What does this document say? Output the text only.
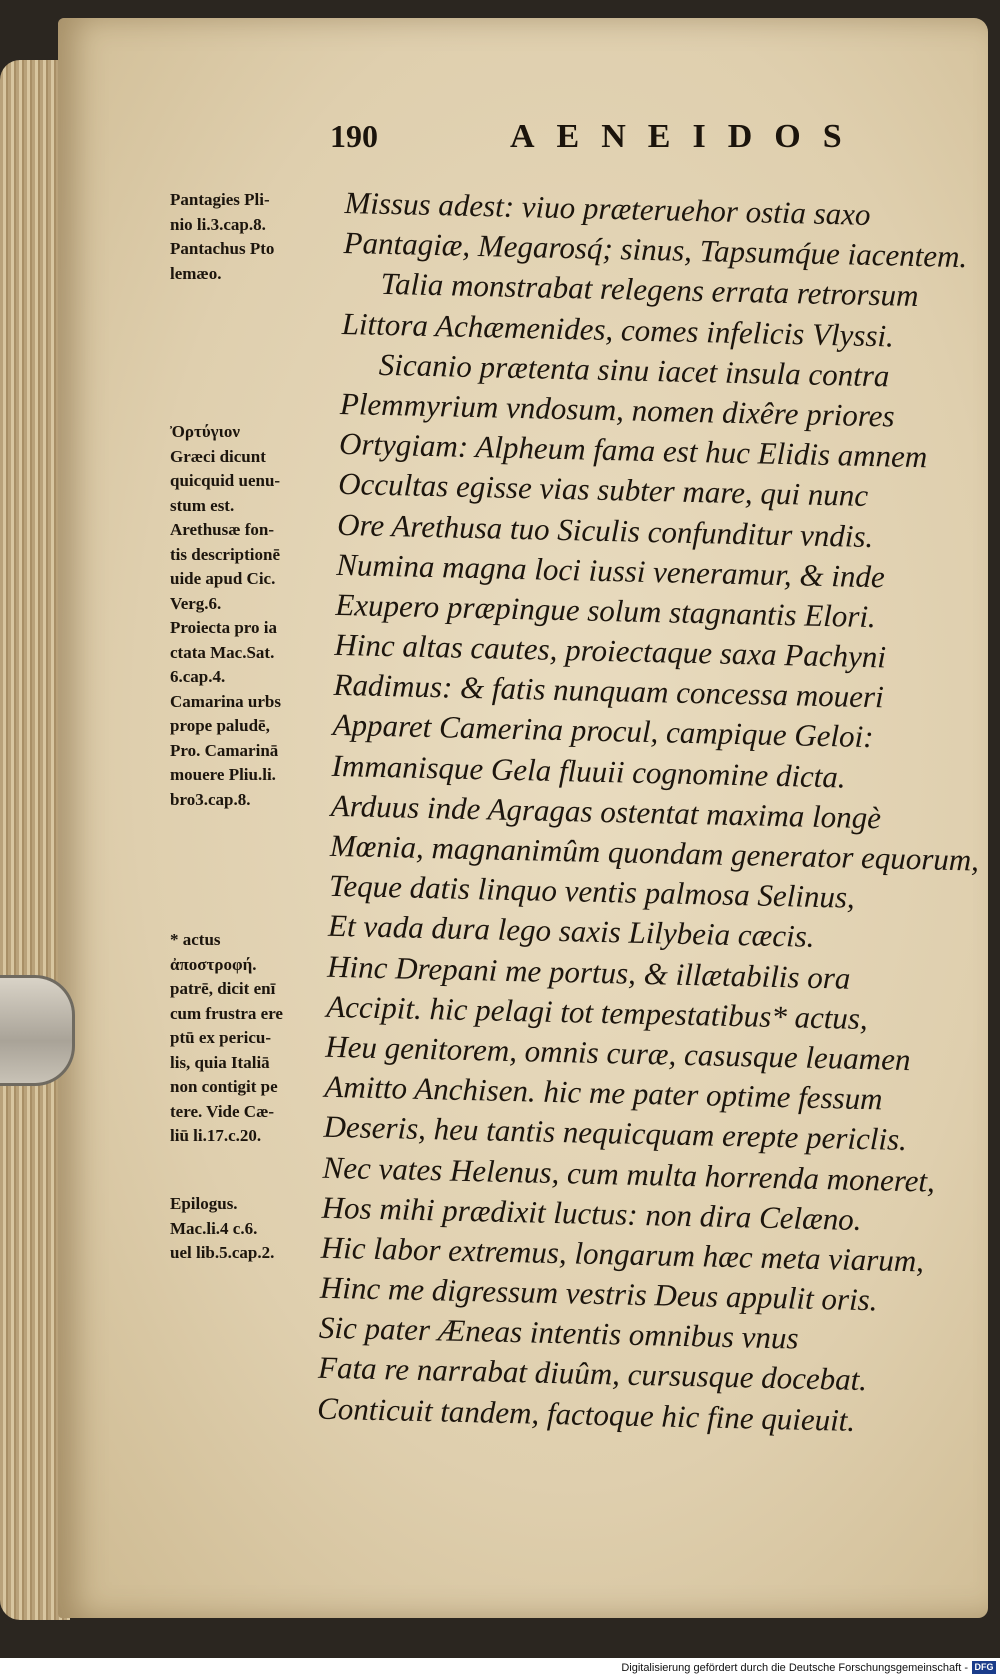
190	AENEIDOS
Missus adest: viuo præteruehor ostia saxo
Pantagiæ, Megarosq́; sinus, Tapsumq́ue iacentem.
Talia monstrabat relegens errata retrorsum
Littora Achæmenides, comes infelicis Vlyssi.
Sicanio prætenta sinu iacet insula contra
Plemmyrium vndosum, nomen dixêre priores
Ortygiam: Alpheum fama est huc Elidis amnem
Occultas egisse vias subter mare, qui nunc
Ore Arethusa tuo Siculis confunditur vndis.
Numina magna loci iussi veneramur, & inde
Exupero præpingue solum stagnantis Elori.
Hinc altas cautes, proiectaque saxa Pachyni
Radimus: & fatis nunquam concessa moueri
Apparet Camerina procul, campique Geloi:
Immanisque Gela fluuii cognomine dicta.
Arduus inde Agragas ostentat maxima longè
Mœnia, magnanimûm quondam generator equorum,
Teque datis linquo ventis palmosa Selinus,
Et vada dura lego saxis Lilybeia cæcis.
Hinc Drepani me portus, & illætabilis ora
Accipit. hic pelagi tot tempestatibus* actus,
Heu genitorem, omnis curæ, casusque leuamen
Amitto Anchisen. hic me pater optime fessum
Deseris, heu tantis nequicquam erepte periclis.
Nec vates Helenus, cum multa horrenda moneret,
Hos mihi prædixit luctus: non dira Celæno.
Hic labor extremus, longarum hæc meta viarum,
Hinc me digressum vestris Deus appulit oris.
Sic pater Æneas intentis omnibus vnus
Fata re narrabat diuûm, cursusque docebat.
Conticuit tandem, factoque hic fine quieuit.
Pantagies Pli-
nio li.3.cap.8.
Pantachus Pto
lemæo.
Ὀρτύγιον
Græci dicunt
quicquid uenu-
stum est.
Arethusæ fon-
tis descriptionē
uide apud Cic.
Verg.6.
Proiecta pro ia
ctata Mac.Sat.
6.cap.4.
Camarina urbs
prope paludē,
Pro. Camarinā
mouere Pliu.li.
bro3.cap.8.
* actus
ἀποστροφή.
patrē, dicit enī
cum frustra ere
ptū ex pericu-
lis, quia Italiā
non contigit pe
tere. Vide Cæ-
liū li.17.c.20.
Epilogus.
Mac.li.4 c.6.
uel lib.5.cap.2.
Digitalisierung gefördert durch die Deutsche Forschungsgemeinschaft - DFG
